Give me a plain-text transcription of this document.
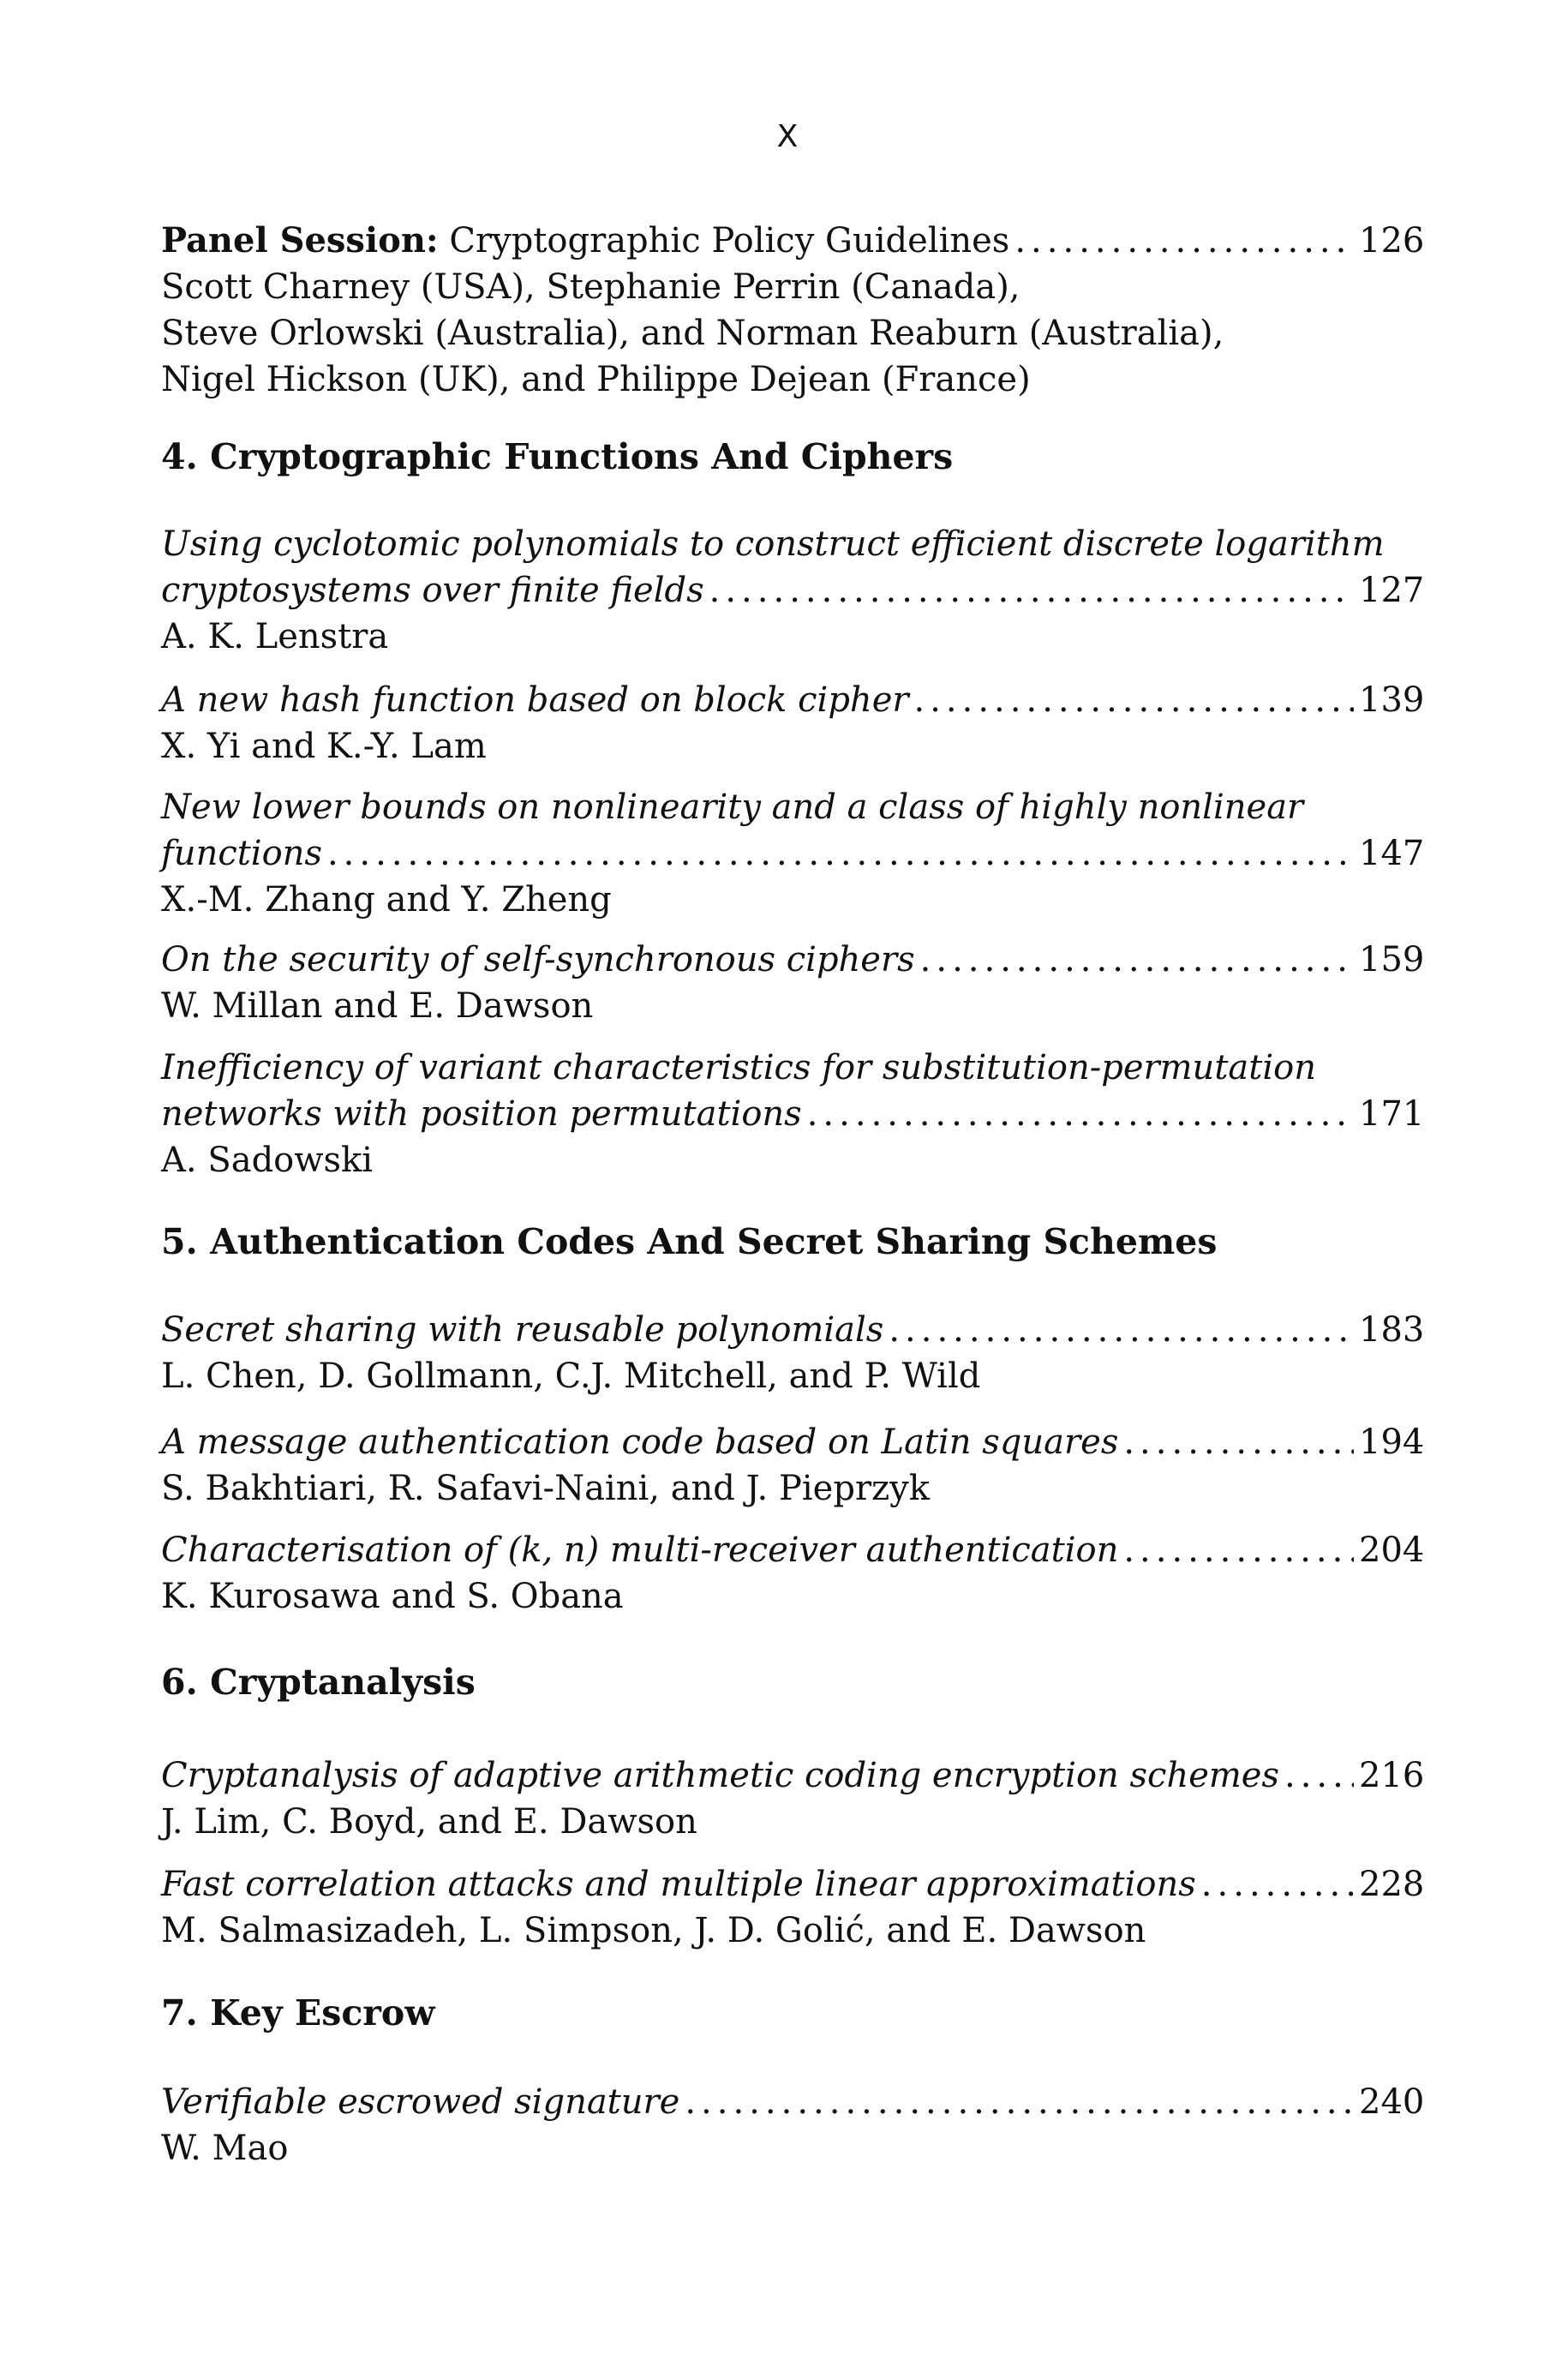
X
Panel Session: Cryptographic Policy Guidelines .....	126
Scott Charney (USA), Stephanie Perrin (Canada),
Steve Orlowski (Australia), and Norman Reaburn (Australia),
Nigel Hickson (UK), and Philippe Dejean (France)
4. Cryptographic Functions And Ciphers
Using cyclotomic polynomials to construct efficient discrete logarithm
cryptosystems over finite fields .....	127
A. K. Lenstra
A new hash function based on block cipher .....	139
X. Yi and K.-Y. Lam
New lower bounds on nonlinearity and a class of highly nonlinear
functions .....	147
X.-M. Zhang and Y. Zheng
On the security of self-synchronous ciphers .....	159
W. Millan and E. Dawson
Inefficiency of variant characteristics for substitution-permutation
networks with position permutations .....	171
A. Sadowski
5. Authentication Codes And Secret Sharing Schemes
Secret sharing with reusable polynomials .....	183
L. Chen, D. Gollmann, C.J. Mitchell, and P. Wild
A message authentication code based on Latin squares .....	194
S. Bakhtiari, R. Safavi-Naini, and J. Pieprzyk
Characterisation of (k, n) multi-receiver authentication .....	204
K. Kurosawa and S. Obana
6. Cryptanalysis
Cryptanalysis of adaptive arithmetic coding encryption schemes ..... 216
J. Lim, C. Boyd, and E. Dawson
Fast correlation attacks and multiple linear approximations .....	228
M. Salmasizadeh, L. Simpson, J. D. Golić, and E. Dawson
7. Key Escrow
Verifiable escrowed signature .....	240
W. Mao
